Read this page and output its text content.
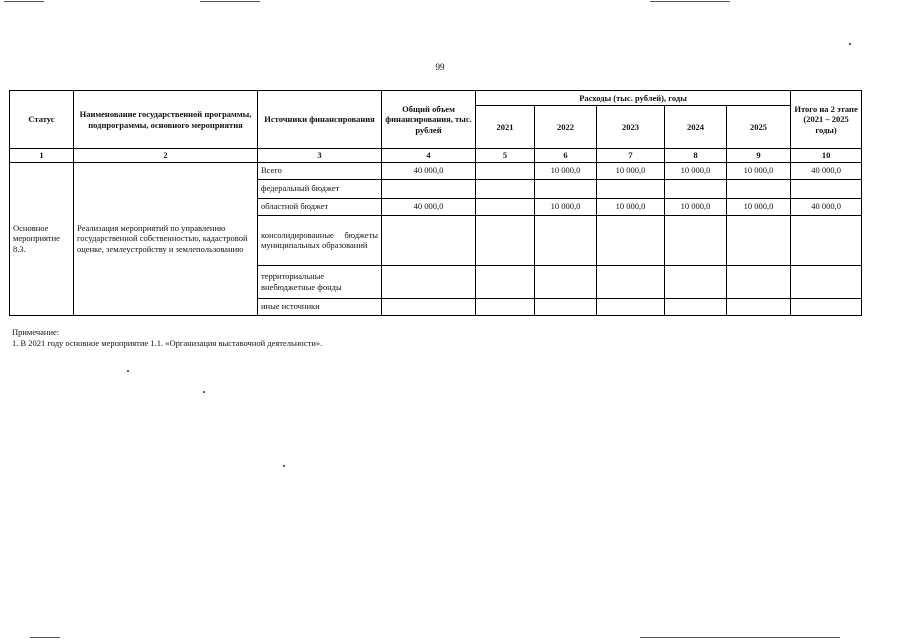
99
Статус	Наименование государственной программы, подпрограммы, основного мероприятия	Источники финансирования	Общий объем финансирования, тыс. рублей	Расходы (тыс. рублей), годы					Итого на 2 этапе (2021 – 2025 годы)
				2021	2022	2023	2024	2025	
1	2	3	4	5	6	7	8	9	10
Основное мероприятие 8.3.	Реализация мероприятий по управлению государственной собственностью, кадастровой оценке, землеустройству и землепользованию	Всего	40 000,0		10 000,0	10 000,0	10 000,0	10 000,0	40 000,0
		федеральный бюджет							
		областной бюджет	40 000,0		10 000,0	10 000,0	10 000,0	10 000,0	40 000,0
		консолидированные бюджеты муниципальных образований							
		территориальные внебюджетные фонды							
		иные источники							
Примечание:
1. В 2021 году основное мероприятие 1.1. «Организация выставочной деятельности».
